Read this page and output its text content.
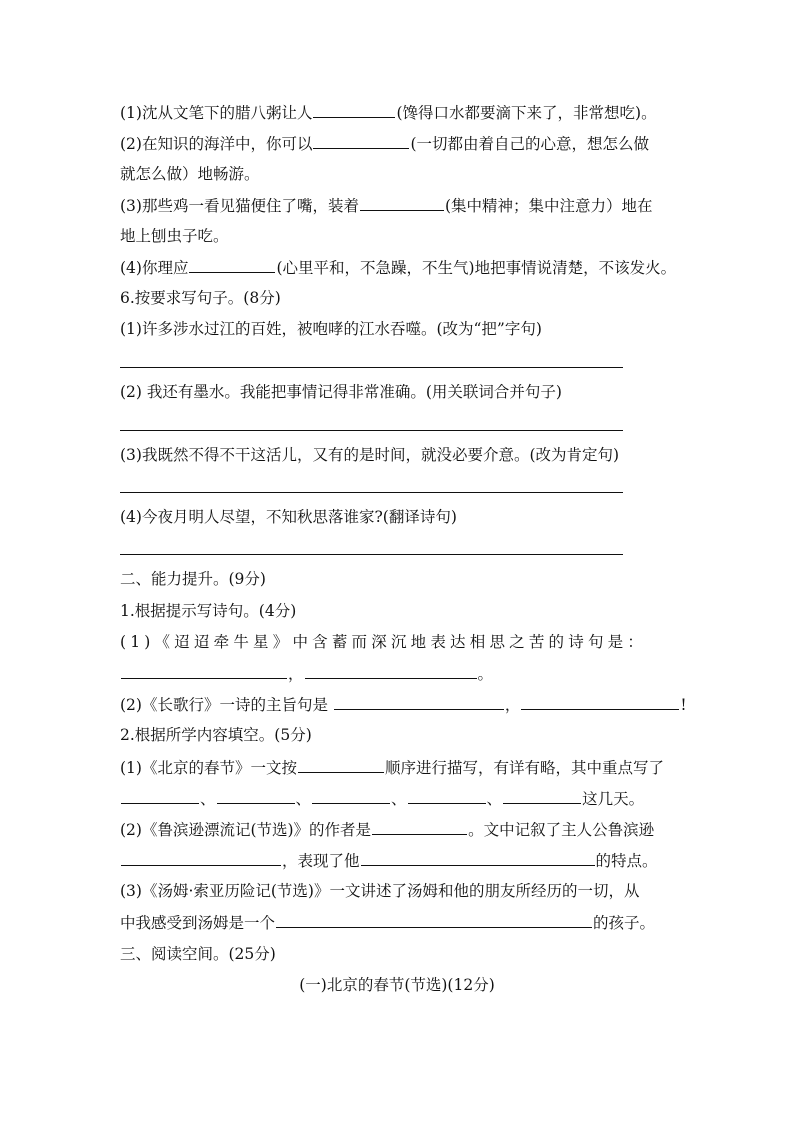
(1)沈从文笔下的腊八粥让人	(馋得口水都要滴下来了，非常想吃)。
(2)在知识的海洋中，你可以	(一切都由着自己的心意，想怎么做
就怎么做）地畅游。
(3)那些鸡一看见猫便住了嘴，装着	(集中精神；集中注意力）地在
地上刨虫子吃。
(4)你理应	(心里平和，不急躁，不生气)地把事情说清楚，不该发火。
6.按要求写句子。(8分)
(1)许多涉水过江的百姓，被咆哮的江水吞噬。(改为“把”字句)
(2) 我还有墨水。我能把事情记得非常准确。(用关联词合并句子)
(3)我既然不得不干这活儿，又有的是时间，就没必要介意。(改为肯定句)
(4)今夜月明人尽望，不知秋思落谁家?(翻译诗句)
二、能力提升。(9分)
1.根据提示写诗句。(4分)
(1)《迢迢牵牛星》中含蓄而深沉地表达相思之苦的诗句是：
，	。
(2)《长歌行》一诗的主旨句是	，	!
2.根据所学内容填空。(5分)
(1)《北京的春节》一文按	顺序进行描写，有详有略，其中重点写了
、	、	、	、	这几天。
(2)《鲁滨逊漂流记(节选)》的作者是	。文中记叙了主人公鲁滨逊
，表现了他	的特点。
(3)《汤姆·索亚历险记(节选)》一文讲述了汤姆和他的朋友所经历的一切，从
中我感受到汤姆是一个	的孩子。
三、阅读空间。(25分)
(一)北京的春节(节选)(12分)
